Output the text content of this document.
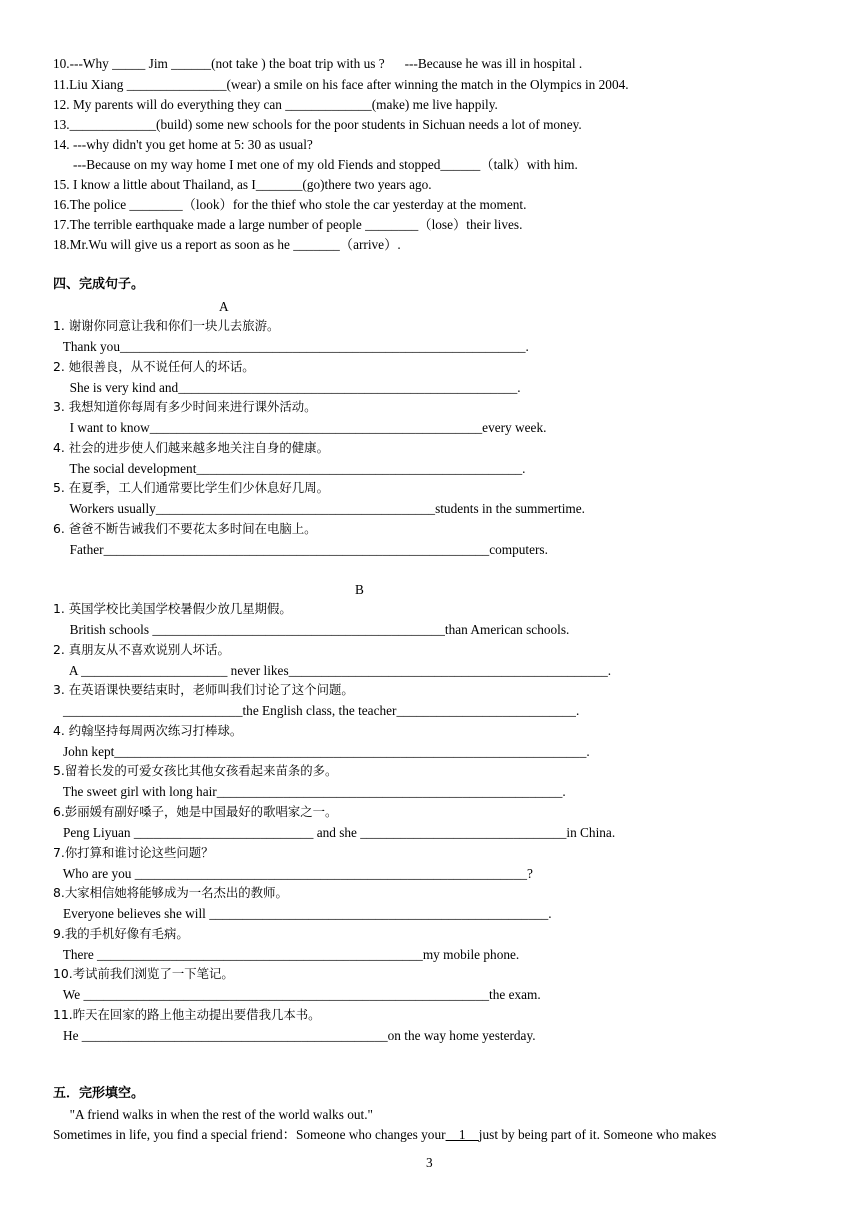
10.---Why _____ Jim ______(not take ) the boat trip with us ?      ---Because he was ill in hospital .
11.Liu Xiang _______________(wear) a smile on his face after winning the match in the Olympics in 2004.
12. My parents will do everything they can _____________(make) me live happily.
13._____________(build) some new schools for the poor students in Sichuan needs a lot of money.
14. ---why didn't you get home at 5: 30 as usual?
---Because on my way home I met one of my old Fiends and stopped______（talk）with him.
15. I know a little about Thailand, as I_______(go)there two years ago.
16.The police ________（look）for the thief who stole the car yesterday at the moment.
17.The terrible earthquake made a large number of people ________（lose）their lives.
18.Mr.Wu will give us a report as soon as he _______（arrive）.
四、完成句子。
A
1. 谢谢你同意让我和你们一块儿去旅游。
Thank you_____________________________________________________________.
2. 她很善良，从不说任何人的坏话。
She is very kind and___________________________________________________.
3. 我想知道你每周有多少时间来进行课外活动。
I want to know__________________________________________________every week.
4. 社会的进步使人们越来越多地关注自身的健康。
The social development_________________________________________________.
5. 在夏季，工人们通常要比学生们少休息好几周。
Workers usually__________________________________________students in the summertime.
6. 爸爸不断告诫我们不要花太多时间在电脑上。
Father__________________________________________________________computers.
B
1. 英国学校比美国学校暑假少放几星期假。
British schools ____________________________________________than American schools.
2. 真朋友从不喜欢说别人坏话。
A ______________________ never likes________________________________________________.
3. 在英语课快要结束时，老师叫我们讨论了这个问题。
___________________________the English class, the teacher___________________________.
4. 约翰坚持每周两次练习打棒球。
John kept_______________________________________________________________________.
5.留着长发的可爱女孩比其他女孩看起来苗条的多。
The sweet girl with long hair____________________________________________________.
6.彭丽媛有副好嗓子，她是中国最好的歌唱家之一。
Peng Liyuan ___________________________ and she _______________________________in China.
7.你打算和谁讨论这些问题？
Who are you ___________________________________________________________?
8.大家相信她将能够成为一名杰出的教师。
Everyone believes she will ___________________________________________________.
9.我的手机好像有毛病。
There _________________________________________________my mobile phone.
10.考试前我们浏览了一下笔记。
We _____________________________________________________________the exam.
11.昨天在回家的路上他主动提出要借我几本书。
He ______________________________________________on the way home yesterday.
五．完形填空。
"A friend walks in when the rest of the world walks out."
Sometimes in life, you find a special friend：Someone who changes your    1    just by being part of it. Someone who makes
3
